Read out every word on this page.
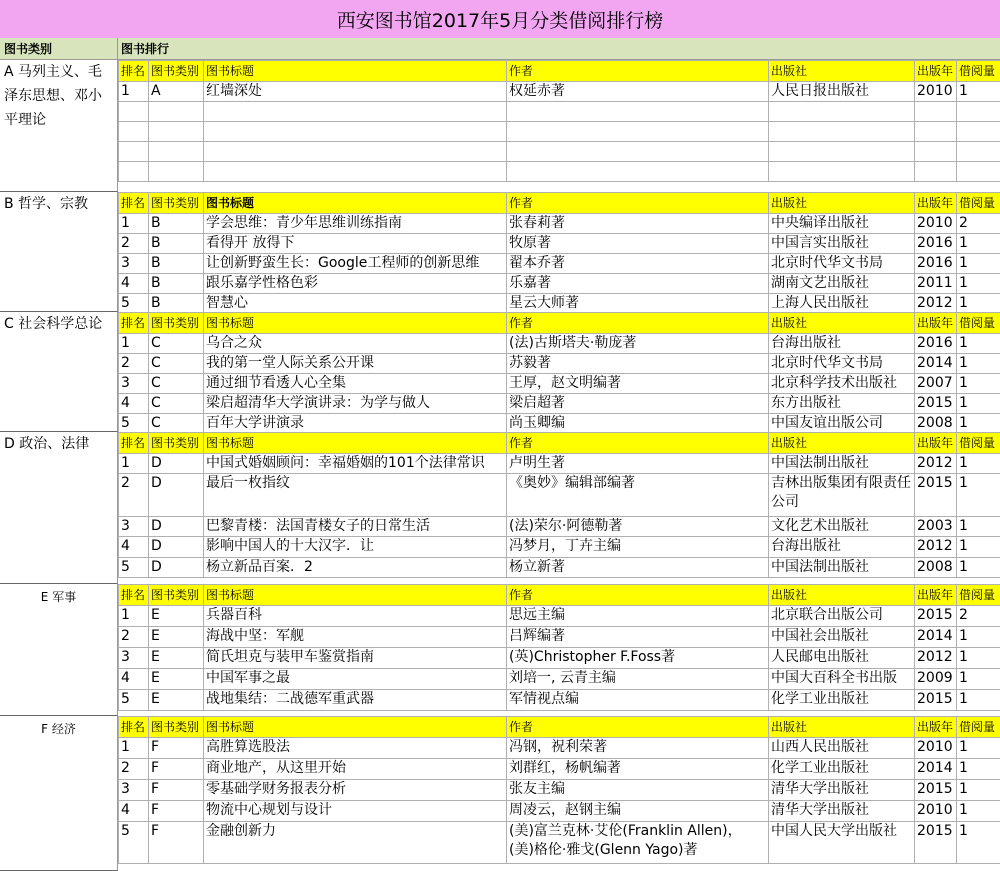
西安图书馆2017年5月分类借阅排行榜
图书类别	图书排行
A 马列主义、毛泽东思想、邓小平理论
排名	图书类别	图书标题	作者	出版社	出版年	借阅量
1	A	红墙深处	权延赤著	人民日报出版社	2010	1

B 哲学、宗教	排名	图书类别	图书标题	作者	出版社	出版年	借阅量
1	B	学会思维：青少年思维训练指南	张春莉著	中央编译出版社	2010	2
2	B	看得开 放得下	牧原著	中国言实出版社	2016	1
3	B	让创新野蛮生长：Google工程师的创新思维	翟本乔著	北京时代华文书局	2016	1
4	B	跟乐嘉学性格色彩	乐嘉著	湖南文艺出版社	2011	1
5	B	智慧心	星云大师著	上海人民出版社	2012	1
C 社会科学总论	排名	图书类别	图书标题	作者	出版社	出版年	借阅量
1	C	乌合之众	(法)古斯塔夫·勒庞著	台海出版社	2016	1
2	C	我的第一堂人际关系公开课	苏毅著	北京时代华文书局	2014	1
3	C	通过细节看透人心全集	王厚，赵文明编著	北京科学技术出版社	2007	1
4	C	梁启超清华大学演讲录：为学与做人	梁启超著	东方出版社	2015	1
5	C	百年大学讲演录	尚玉卿编	中国友谊出版公司	2008	1
D 政治、法律	排名	图书类别	图书标题	作者	出版社	出版年	借阅量
1	D	中国式婚姻顾问：幸福婚姻的101个法律常识	卢明生著	中国法制出版社	2012	1
2	D	最后一枚指纹	《奥妙》编辑部编著	吉林出版集团有限责任公司	2015	1
3	D	巴黎青楼：法国青楼女子的日常生活	(法)荣尔·阿德勒著	文化艺术出版社	2003	1
4	D	影响中国人的十大汉字．让	冯梦月，丁卉主编	台海出版社	2012	1
5	D	杨立新品百案．2	杨立新著	中国法制出版社	2008	1
E 军事	排名	图书类别	图书标题	作者	出版社	出版年	借阅量
1	E	兵器百科	思远主编	北京联合出版公司	2015	2
2	E	海战中坚：军舰	吕辉编著	中国社会出版社	2014	1
3	E	简氏坦克与装甲车鉴赏指南	(英)Christopher F.Foss著	人民邮电出版社	2012	1
4	E	中国军事之最	刘培一, 云青主编	中国大百科全书出版	2009	1
5	E	战地集结：二战德军重武器	军情视点编	化学工业出版社	2015	1
F 经济	排名	图书类别	图书标题	作者	出版社	出版年	借阅量
1	F	高胜算选股法	冯钢，祝利荣著	山西人民出版社	2010	1
2	F	商业地产，从这里开始	刘群红，杨帆编著	化学工业出版社	2014	1
3	F	零基础学财务报表分析	张友主编	清华大学出版社	2015	1
4	F	物流中心规划与设计	周凌云，赵钢主编	清华大学出版社	2010	1
5	F	金融创新力	(美)富兰克林·艾伦(Franklin Allen)，(美)格伦·雅戈(Glenn Yago)著	中国人民大学出版社	2015	1
